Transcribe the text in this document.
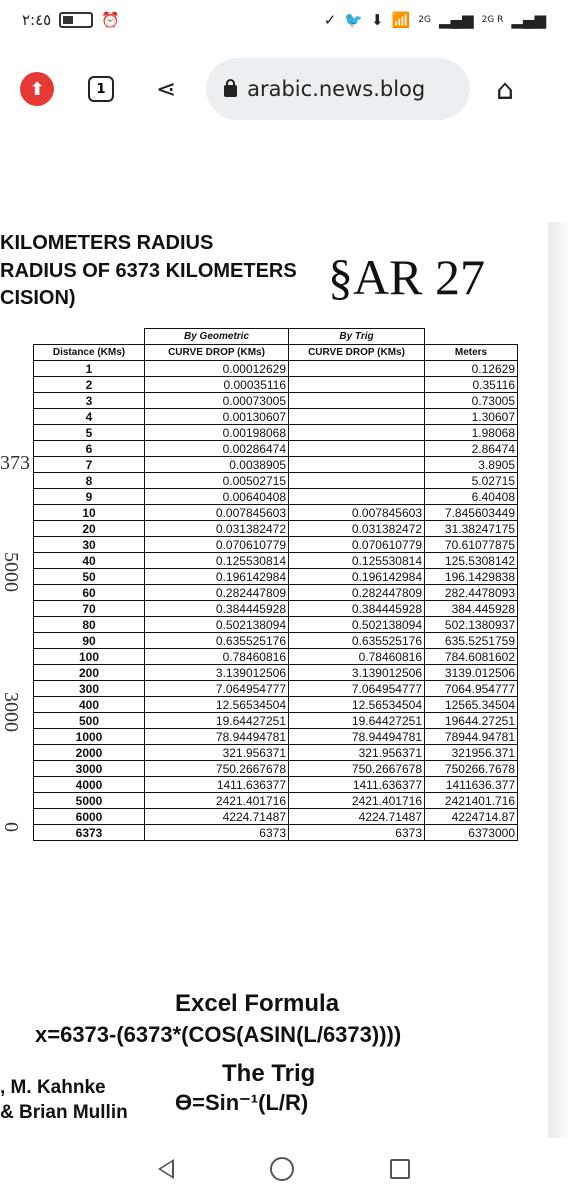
٢:٤٥	⏰	✓ 🐦 ⬇ 📶 2G ▂▄▆ 2G R ▂▄▆
⬆	1 ⋖	arabic.news.blog	⌂
KILOMETERS RADIUS
RADIUS OF 6373 KILOMETERS
CISION)	§AR 27
373
5000
3000
0
	By Geometric	By Trig	
Distance (KMs)	CURVE DROP (KMs)	CURVE DROP (KMs)	Meters
1	0.00012629		0.12629
2	0.00035116		0.35116
3	0.00073005		0.73005
4	0.00130607		1.30607
5	0.00198068		1.98068
6	0.00286474		2.86474
7	0.0038905		3.8905
8	0.00502715		5.02715
9	0.00640408		6.40408
10	0.007845603	0.007845603	7.845603449
20	0.031382472	0.031382472	31.38247175
30	0.070610779	0.070610779	70.61077875
40	0.125530814	0.125530814	125.5308142
50	0.196142984	0.196142984	196.1429838
60	0.282447809	0.282447809	282.4478093
70	0.384445928	0.384445928	384.445928
80	0.502138094	0.502138094	502.1380937
90	0.635525176	0.635525176	635.5251759
100	0.78460816	0.78460816	784.6081602
200	3.139012506	3.139012506	3139.012506
300	7.064954777	7.064954777	7064.954777
400	12.56534504	12.56534504	12565.34504
500	19.64427251	19.64427251	19644.27251
1000	78.94494781	78.94494781	78944.94781
2000	321.956371	321.956371	321956.371
3000	750.2667678	750.2667678	750266.7678
4000	1411.636377	1411.636377	1411636.377
5000	2421.401716	2421.401716	2421401.716
6000	4224.71487	4224.71487	4224714.87
6373	6373	6373	6373000
Excel Formula
x=6373-(6373*(COS(ASIN(L/6373))))
The Trig
, M. Kahnke
& Brian Mullin ϴ=Sin⁻¹(L/R)
